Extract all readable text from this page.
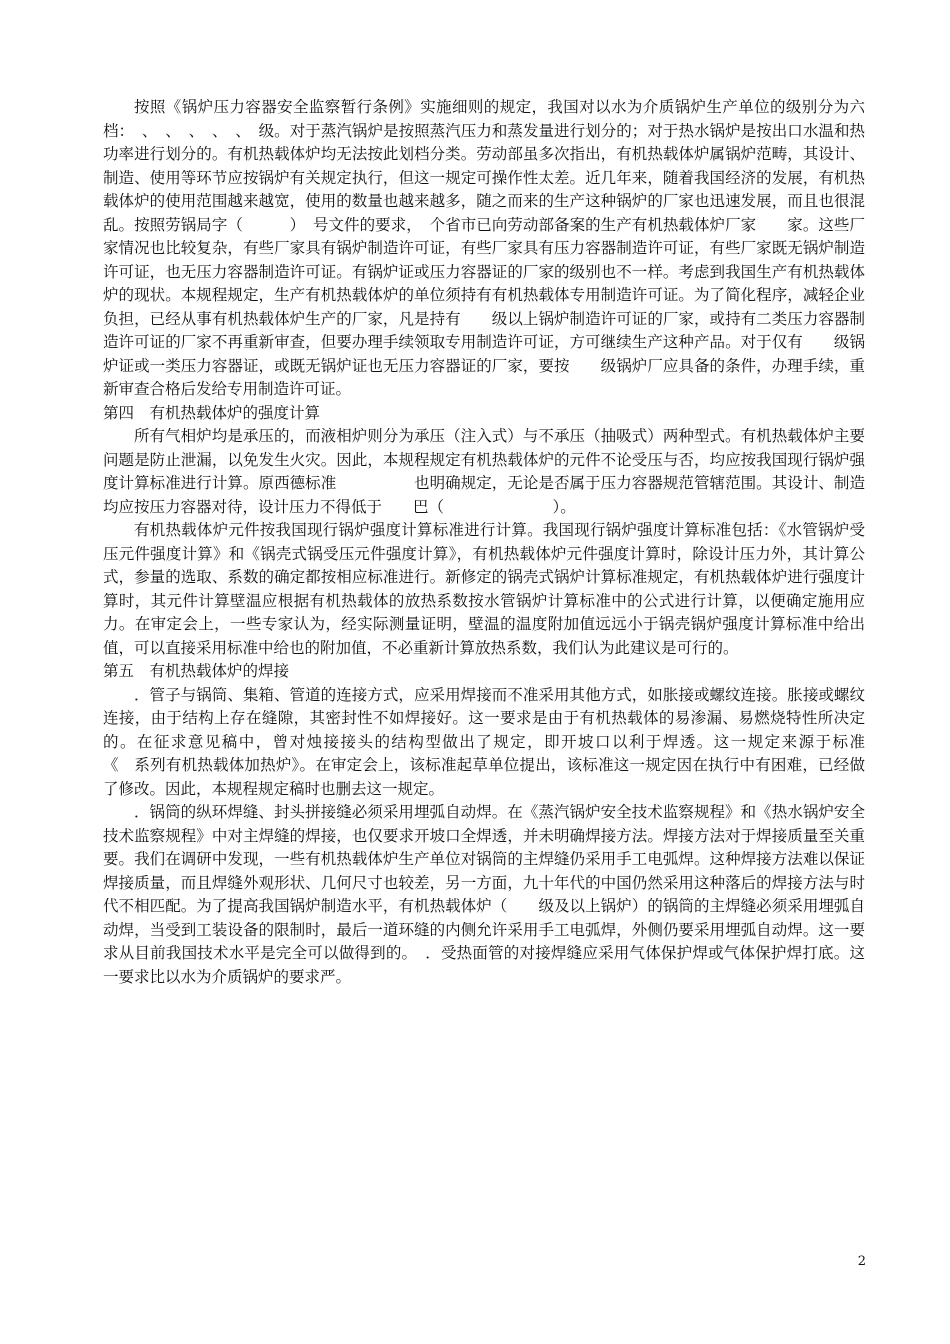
按照《锅炉压力容器安全监察暂行条例》实施细则的规定，我国对以水为介质锅炉生产单位的级别分为六档：　、　、　、　、　、　级。对于蒸汽锅炉是按照蒸汽压力和蒸发量进行划分的；对于热水锅炉是按出口水温和热功率进行划分的。有机热载体炉均无法按此划档分类。劳动部虽多次指出，有机热载体炉属锅炉范畴，其设计、制造、使用等环节应按锅炉有关规定执行，但这一规定可操作性太差。近几年来，随着我国经济的发展，有机热载体炉的使用范围越来越宽，使用的数量也越来越多，随之而来的生产这种锅炉的厂家也迅速发展，而且也很混乱。按照劳锅局字（　　　）　号文件的要求，　个省市已向劳动部备案的生产有机热载体炉厂家　　家。这些厂家情况也比较复杂，有些厂家具有锅炉制造许可证，有些厂家具有压力容器制造许可证，有些厂家既无锅炉制造许可证，也无压力容器制造许可证。有锅炉证或压力容器证的厂家的级别也不一样。考虑到我国生产有机热载体炉的现状。本规程规定，生产有机热载体炉的单位须持有有机热载体专用制造许可证。为了简化程序，减轻企业负担，已经从事有机热载体炉生产的厂家，凡是持有　　级以上锅炉制造许可证的厂家，或持有二类压力容器制造许可证的厂家不再重新审查，但要办理手续领取专用制造许可证，方可继续生产这种产品。对于仅有　　级锅炉证或一类压力容器证，或既无锅炉证也无压力容器证的厂家，要按　　级锅炉厂应具备的条件，办理手续，重新审查合格后发给专用制造许可证。

第四　有机热载体炉的强度计算

所有气相炉均是承压的，而液相炉则分为承压（注入式）与不承压（抽吸式）两种型式。有机热载体炉主要问题是防止泄漏，以免发生火灾。因此，本规程规定有机热载体炉的元件不论受压与否，均应按我国现行锅炉强度计算标准进行计算。原西德标准　　　　　也明确规定，无论是否属于压力容器规范管辖范围。其设计、制造均应按压力容器对待，设计压力不得低于　　巴（　　　　　　　）。

有机热载体炉元件按我国现行锅炉强度计算标准进行计算。我国现行锅炉强度计算标准包括：《水管锅炉受压元件强度计算》和《锅壳式锅受压元件强度计算》，有机热载体炉元件强度计算时，除设计压力外，其计算公式，参量的选取、系数的确定都按相应标准进行。新修定的锅壳式锅炉计算标准规定，有机热载体炉进行强度计算时，其元件计算壁温应根据有机热载体的放热系数按水管锅炉计算标准中的公式进行计算，以便确定施用应力。在审定会上，一些专家认为，经实际测量证明，壁温的温度附加值远远小于锅壳锅炉强度计算标准中给出值，可以直接采用标准中给也的附加值，不必重新计算放热系数，我们认为此建议是可行的。

第五　有机热载体炉的焊接

．管子与锅筒、集箱、管道的连接方式，应采用焊接而不准采用其他方式，如胀接或螺纹连接。胀接或螺纹连接，由于结构上存在缝隙，其密封性不如焊接好。这一要求是由于有机热载体的易渗漏、易燃烧特性所决定的。在征求意见稿中，曾对烛接接头的结构型做出了规定，即开坡口以利于焊透。这一规定来源于标准　　　　《　系列有机热载体加热炉》。在审定会上，该标准起草单位提出，该标准这一规定因在执行中有困难，已经做了修改。因此，本规程规定稿时也删去这一规定。

．锅筒的纵环焊缝、封头拼接缝必须采用埋弧自动焊。在《蒸汽锅炉安全技术监察规程》和《热水锅炉安全技术监察规程》中对主焊缝的焊接，也仅要求开坡口全焊透，并未明确焊接方法。焊接方法对于焊接质量至关重要。我们在调研中发现，一些有机热载体炉生产单位对锅筒的主焊缝仍采用手工电弧焊。这种焊接方法难以保证焊接质量，而且焊缝外观形状、几何尺寸也较差，另一方面，九十年代的中国仍然采用这种落后的焊接方法与时代不相匹配。为了提高我国锅炉制造水平，有机热载体炉（　　级及以上锅炉）的锅筒的主焊缝必须采用埋弧自动焊，当受到工装设备的限制时，最后一道环缝的内侧允许采用手工电弧焊，外侧仍要采用埋弧自动焊。这一要求从目前我国技术水平是完全可以做得到的。　．受热面管的对接焊缝应采用气体保护焊或气体保护焊打底。这一要求比以水为介质锅炉的要求严。

2
